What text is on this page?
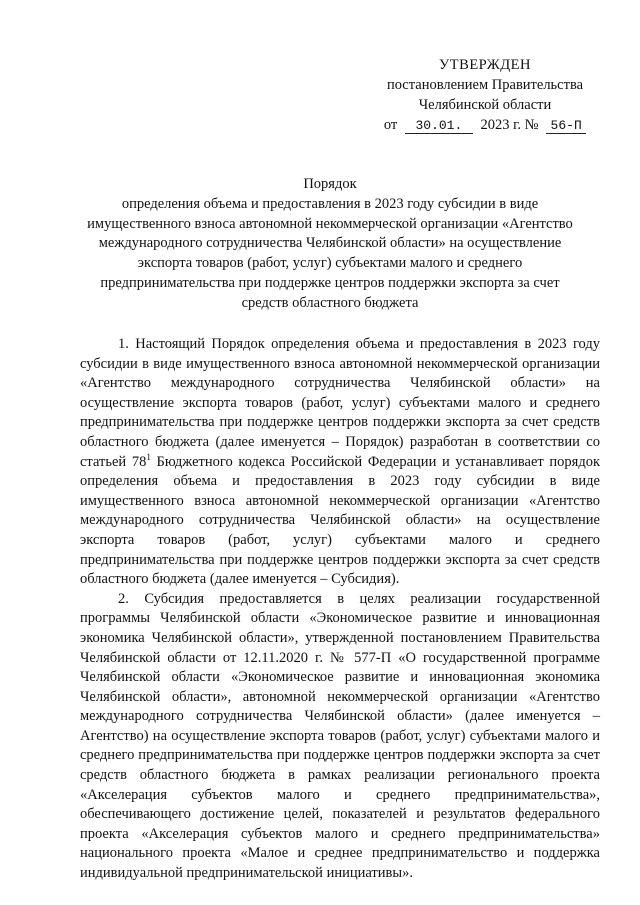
УТВЕРЖДЕН
постановлением Правительства
Челябинской области
от 30.01. 2023 г. № 56-П
Порядок
определения объема и предоставления в 2023 году субсидии в виде имущественного взноса автономной некоммерческой организации «Агентство международного сотрудничества Челябинской области» на осуществление экспорта товаров (работ, услуг) субъектами малого и среднего предпринимательства при поддержке центров поддержки экспорта за счет средств областного бюджета

1. Настоящий Порядок определения объема и предоставления в 2023 году субсидии в виде имущественного взноса автономной некоммерческой организации «Агентство международного сотрудничества Челябинской области» на осуществление экспорта товаров (работ, услуг) субъектами малого и среднего предпринимательства при поддержке центров поддержки экспорта за счет средств областного бюджета (далее именуется – Порядок) разработан в соответствии со статьей $78^1$ Бюджетного кодекса Российской Федерации и устанавливает порядок определения объема и предоставления в 2023 году субсидии в виде имущественного взноса автономной некоммерческой организации «Агентство международного сотрудничества Челябинской области» на осуществление экспорта товаров (работ, услуг) субъектами малого и среднего предпринимательства при поддержке центров поддержки экспорта за счет средств областного бюджета (далее именуется – Субсидия).

2. Субсидия предоставляется в целях реализации государственной программы Челябинской области «Экономическое развитие и инновационная экономика Челябинской области», утвержденной постановлением Правительства Челябинской области от 12.11.2020 г. № 577-П «О государственной программе Челябинской области «Экономическое развитие и инновационная экономика Челябинской области», автономной некоммерческой организации «Агентство международного сотрудничества Челябинской области» (далее именуется – Агентство) на осуществление экспорта товаров (работ, услуг) субъектами малого и среднего предпринимательства при поддержке центров поддержки экспорта за счет средств областного бюджета в рамках реализации регионального проекта «Акселерация субъектов малого и среднего предпринимательства», обеспечивающего достижение целей, показателей и результатов федерального проекта «Акселерация субъектов малого и среднего предпринимательства» национального проекта «Малое и среднее предпринимательство и поддержка индивидуальной предпринимательской инициативы».
